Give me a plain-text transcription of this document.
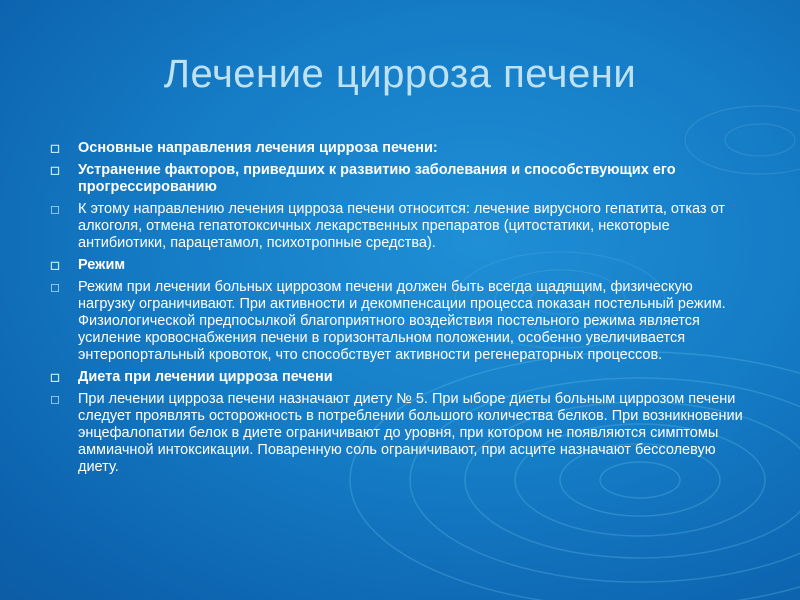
Лечение цирроза печени
◻ Основные направления лечения цирроза печени:
◻ Устранение факторов, приведших к развитию заболевания и способствующих его прогрессированию
◻ К этому направлению лечения цирроза печени относится: лечение вирусного гепатита, отказ от алкоголя, отмена гепатотоксичных лекарственных препаратов (цитостатики, некоторые антибиотики, парацетамол, психотропные средства).
◻ Режим
◻ Режим при лечении больных циррозом печени должен быть всегда щадящим, физическую нагрузку ограничивают. При активности и декомпенсации процесса показан постельный режим. Физиологической предпосылкой благоприятного воздействия постельного режима является усиление кровоснабжения печени в горизонтальном положении, особенно увеличивается энтеропортальный кровоток, что способствует активности регенераторных процессов.
◻ Диета при лечении цирроза печени
◻ При лечении цирроза печени назначают диету № 5. При ыборе диеты больным циррозом печени следует проявлять осторожность в потреблении большого количества белков. При возникновении энцефалопатии белок в диете ограничивают до уровня, при котором не появляются симптомы аммиачной интоксикации. Поваренную соль ограничивают, при асците назначают бессолевую диету.
